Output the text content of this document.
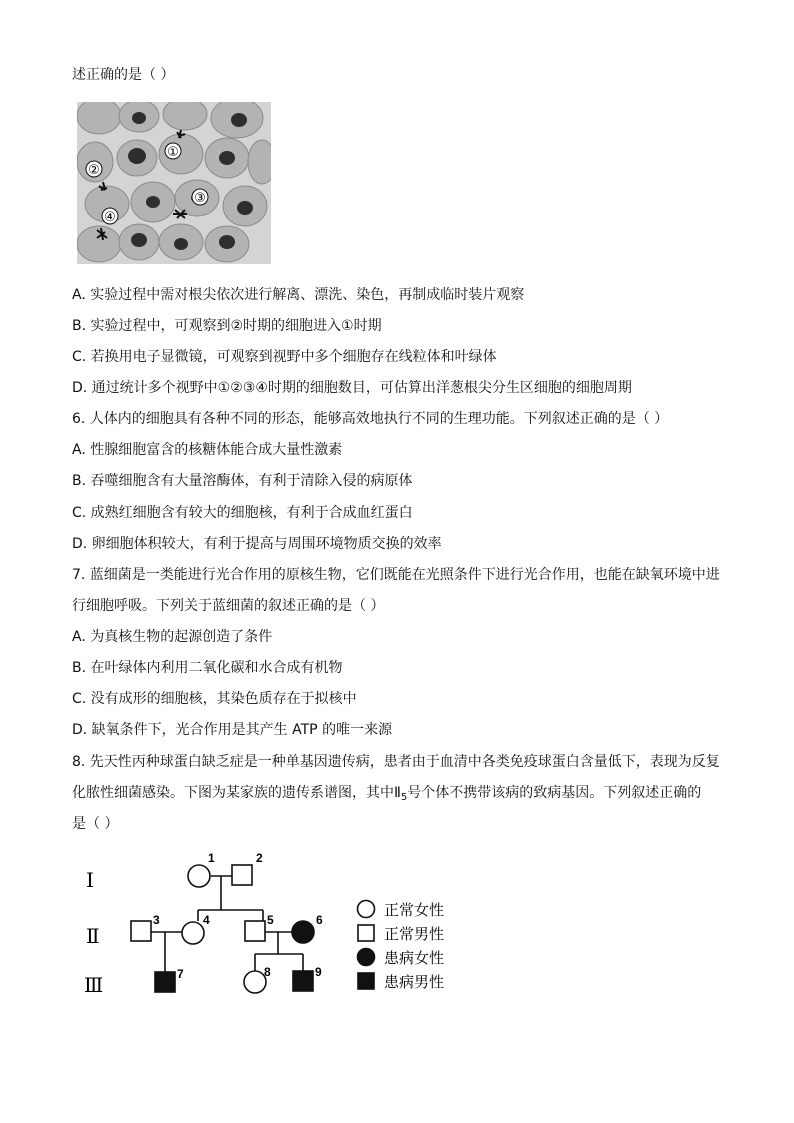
述正确的是（ ）
①
②
③
④
A. 实验过程中需对根尖依次进行解离、漂洗、染色，再制成临时装片观察
B. 实验过程中，可观察到②时期的细胞进入①时期
C. 若换用电子显微镜，可观察到视野中多个细胞存在线粒体和叶绿体
D. 通过统计多个视野中①②③④时期的细胞数目，可估算出洋葱根尖分生区细胞的细胞周期
6. 人体内的细胞具有各种不同的形态，能够高效地执行不同的生理功能。下列叙述正确的是（ ）
A. 性腺细胞富含的核糖体能合成大量性激素
B. 吞噬细胞含有大量溶酶体，有利于清除入侵的病原体
C. 成熟红细胞含有较大的细胞核，有利于合成血红蛋白
D. 卵细胞体积较大，有利于提高与周围环境物质交换的效率
7. 蓝细菌是一类能进行光合作用的原核生物，它们既能在光照条件下进行光合作用，也能在缺氧环境中进
行细胞呼吸。下列关于蓝细菌的叙述正确的是（ ）
A. 为真核生物的起源创造了条件
B. 在叶绿体内利用二氧化碳和水合成有机物
C. 没有成形的细胞核，其染色质存在于拟核中
D. 缺氧条件下，光合作用是其产生 ATP 的唯一来源
8. 先天性丙种球蛋白缺乏症是一种单基因遗传病，患者由于血清中各类免疫球蛋白含量低下，表现为反复
化脓性细菌感染。下图为某家族的遗传系谱图，其中$Ⅱ_5$号个体不携带该病的致病基因。下列叙述正确的
是（ ）
Ⅰ
Ⅱ
Ⅲ
1	2
3	4	5	6
7	8	9
正常女性
正常男性
患病女性
患病男性
